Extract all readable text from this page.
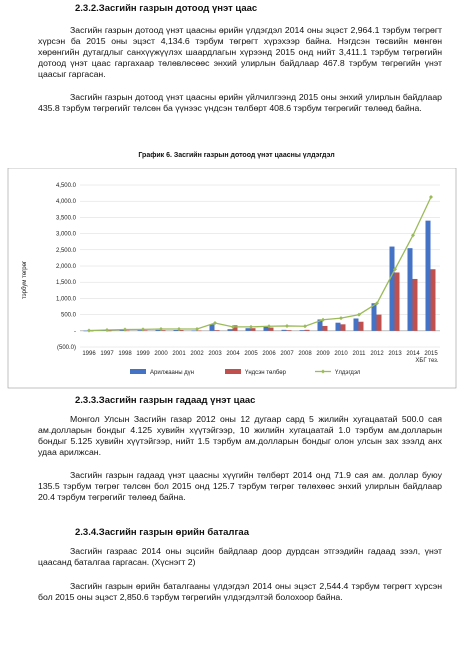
2.3.2.Засгийн газрын дотоод үнэт цаас

Засгийн газрын дотоод үнэт цаасны өрийн үлдэгдэл 2014 оны эцэст 2,964.1 тэрбум төгрөгт хүрсэн ба 2015 оны эцэст 4,134.6 тэрбум төгрөгт хүрэхээр байна. Нэгдсэн төсвийн мөнгөн хөрөнгийн дутагдлыг санхүүжүүлэх шаардлагын хүрээнд 2015 онд нийт 3,411.1 тэрбум төгрөгийн дотоод үнэт цаас гаргахаар төлөвлөсөөс энхий улирлын байдлаар 467.8 тэрбум төгрөгийн үнэт цаасыг гаргасан.

Засгийн газрын дотоод үнэт цаасны өрийн үйлчилгээнд 2015 оны энхий улирлын байдлаар 435.8 тэрбум төгрөгийг төлсөн ба үүнээс үндсэн төлбөрт 408.6 тэрбум төгрөгийг төлөөд байна.

График 6. Засгийн газрын дотоод үнэт цаасны үлдэгдэл

4,500.0
4,000.0
3,500.0
3,000.0
2,500.0
2,000.0
1,500.0
1,000.0
500.0
-
(500.0)
тэрбум төгрөг
1996 1997 1998 1999 2000 2001 2002 2003 2004 2005 2006 2007 2008 2009 2010 2011 2012 2013 2014 2015
ХБГ тез.
Арилжааны дүн	Үндсэн төлбөр	Үлдэгдэл
2.3.3.Засгийн газрын гадаад үнэт цаас

Монгол Улсын Засгийн газар 2012 оны 12 дугаар сард 5 жилийн хугацаатай 500.0 сая ам.долларын бондыг 4.125 хувийн хүүтэйгээр, 10 жилийн хугацаатай 1.0 тэрбум ам.долларын бондыг 5.125 хувийн хүүтэйгээр, нийт 1.5 тэрбум ам.долларын бондыг олон улсын зах зээлд анх удаа арилжсан.

Засгийн газрын гадаад үнэт цаасны хүүгийн төлбөрт 2014 онд 71.9 сая ам. доллар буюу 135.5 тэрбум төгрөг төлсөн бол 2015 онд 125.7 тэрбум төгрөг төлөхөөс энхий улирлын байдлаар 20.4 тэрбум төгрөгийг төлөөд байна.

2.3.4.Засгийн газрын өрийн баталгаа

Засгийн газраас 2014 оны эцсийн байдлаар доор дурдсан этгээдийн гадаад зээл, үнэт цаасанд баталгаа гаргасан. (Хүснэгт 2)

Засгийн газрын өрийн баталгааны үлдэгдэл 2014 оны эцэст 2,544.4 тэрбум төгрөгт хүрсэн бол 2015 оны эцэст 2,850.6 тэрбум төгрөгийн үлдэгдэлтэй болохоор байна.
